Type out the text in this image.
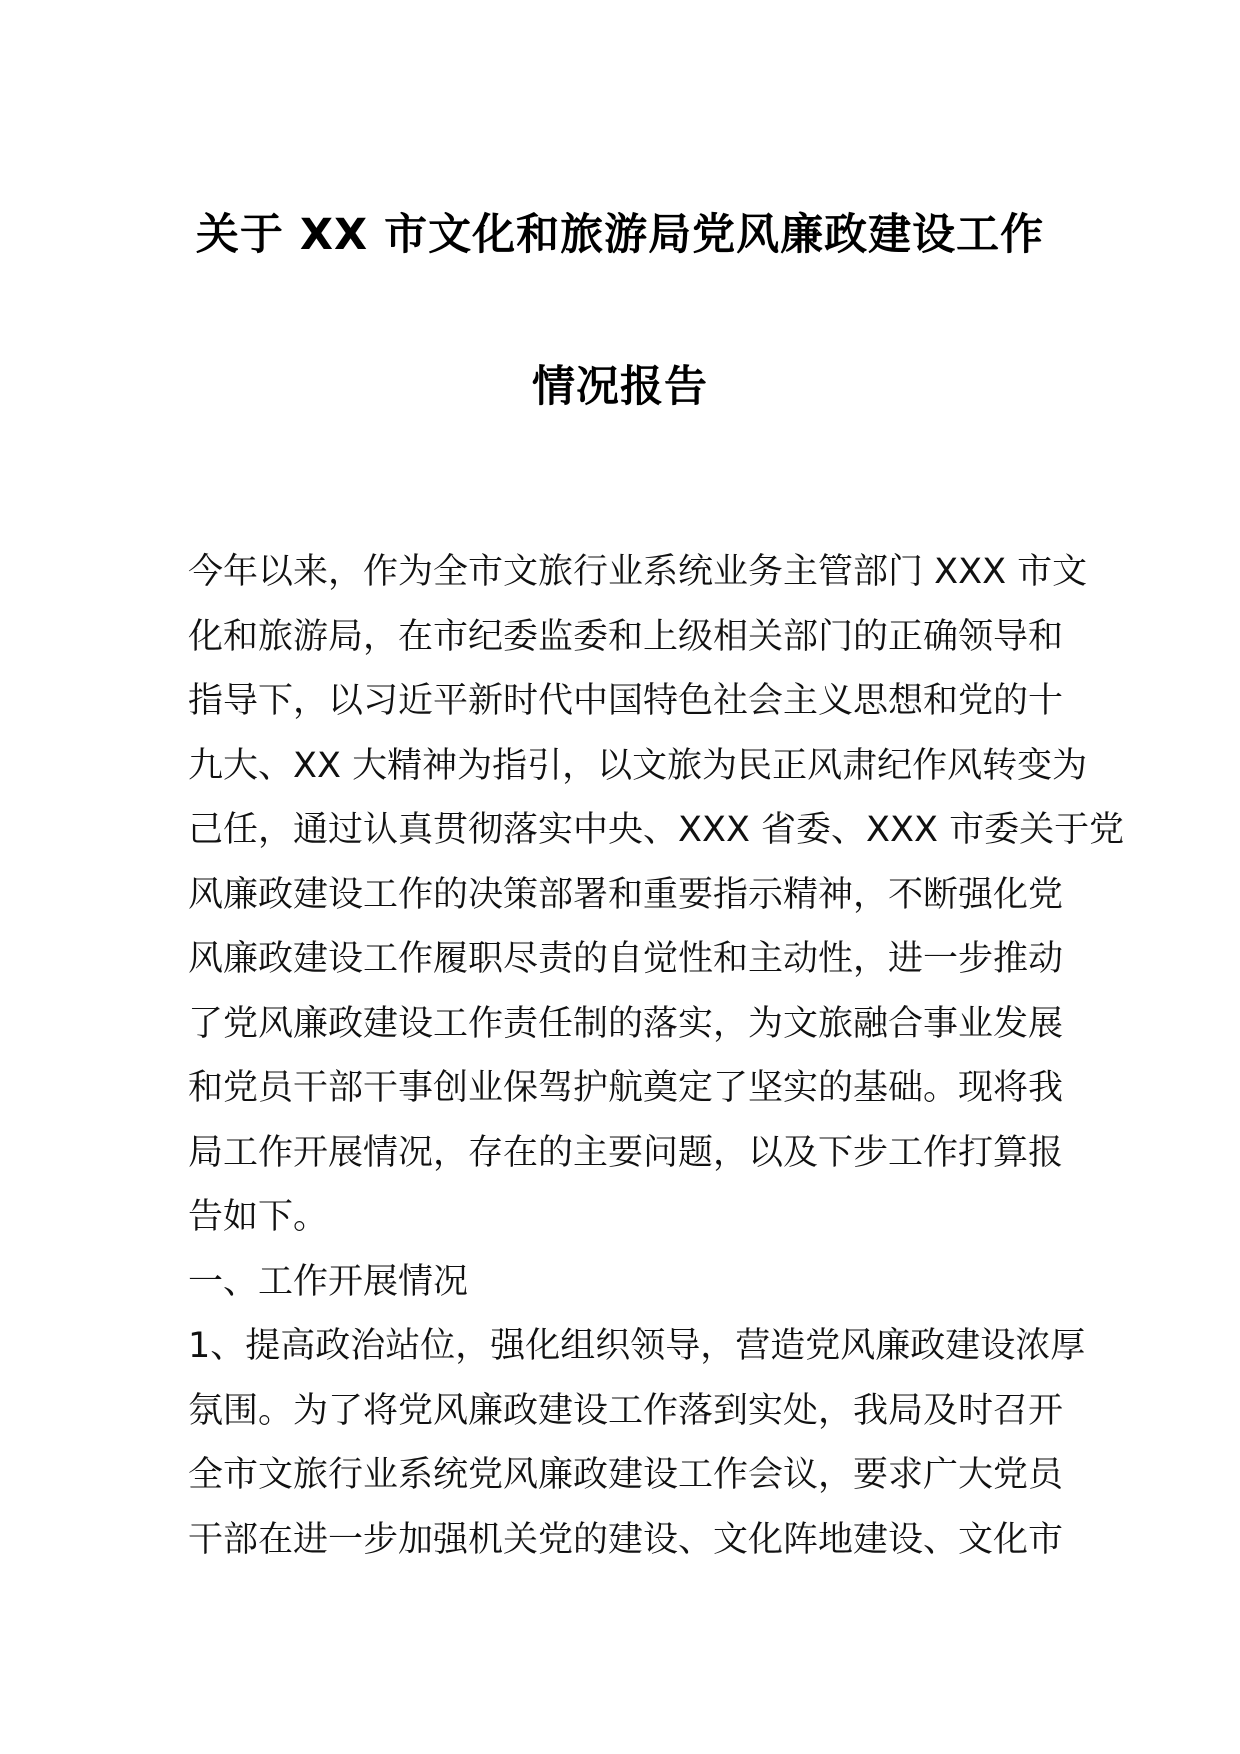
关于 XX 市文化和旅游局党风廉政建设工作
情况报告
今年以来，作为全市文旅行业系统业务主管部门 XXX 市文
化和旅游局，在市纪委监委和上级相关部门的正确领导和
指导下，以习近平新时代中国特色社会主义思想和党的十
九大、XX 大精神为指引，以文旅为民正风肃纪作风转变为
己任，通过认真贯彻落实中央、XXX 省委、XXX 市委关于党
风廉政建设工作的决策部署和重要指示精神，不断强化党
风廉政建设工作履职尽责的自觉性和主动性，进一步推动
了党风廉政建设工作责任制的落实，为文旅融合事业发展
和党员干部干事创业保驾护航奠定了坚实的基础。现将我
局工作开展情况，存在的主要问题，以及下步工作打算报
告如下。
一、工作开展情况
1、提高政治站位，强化组织领导，营造党风廉政建设浓厚
氛围。为了将党风廉政建设工作落到实处，我局及时召开
全市文旅行业系统党风廉政建设工作会议，要求广大党员
干部在进一步加强机关党的建设、文化阵地建设、文化市
